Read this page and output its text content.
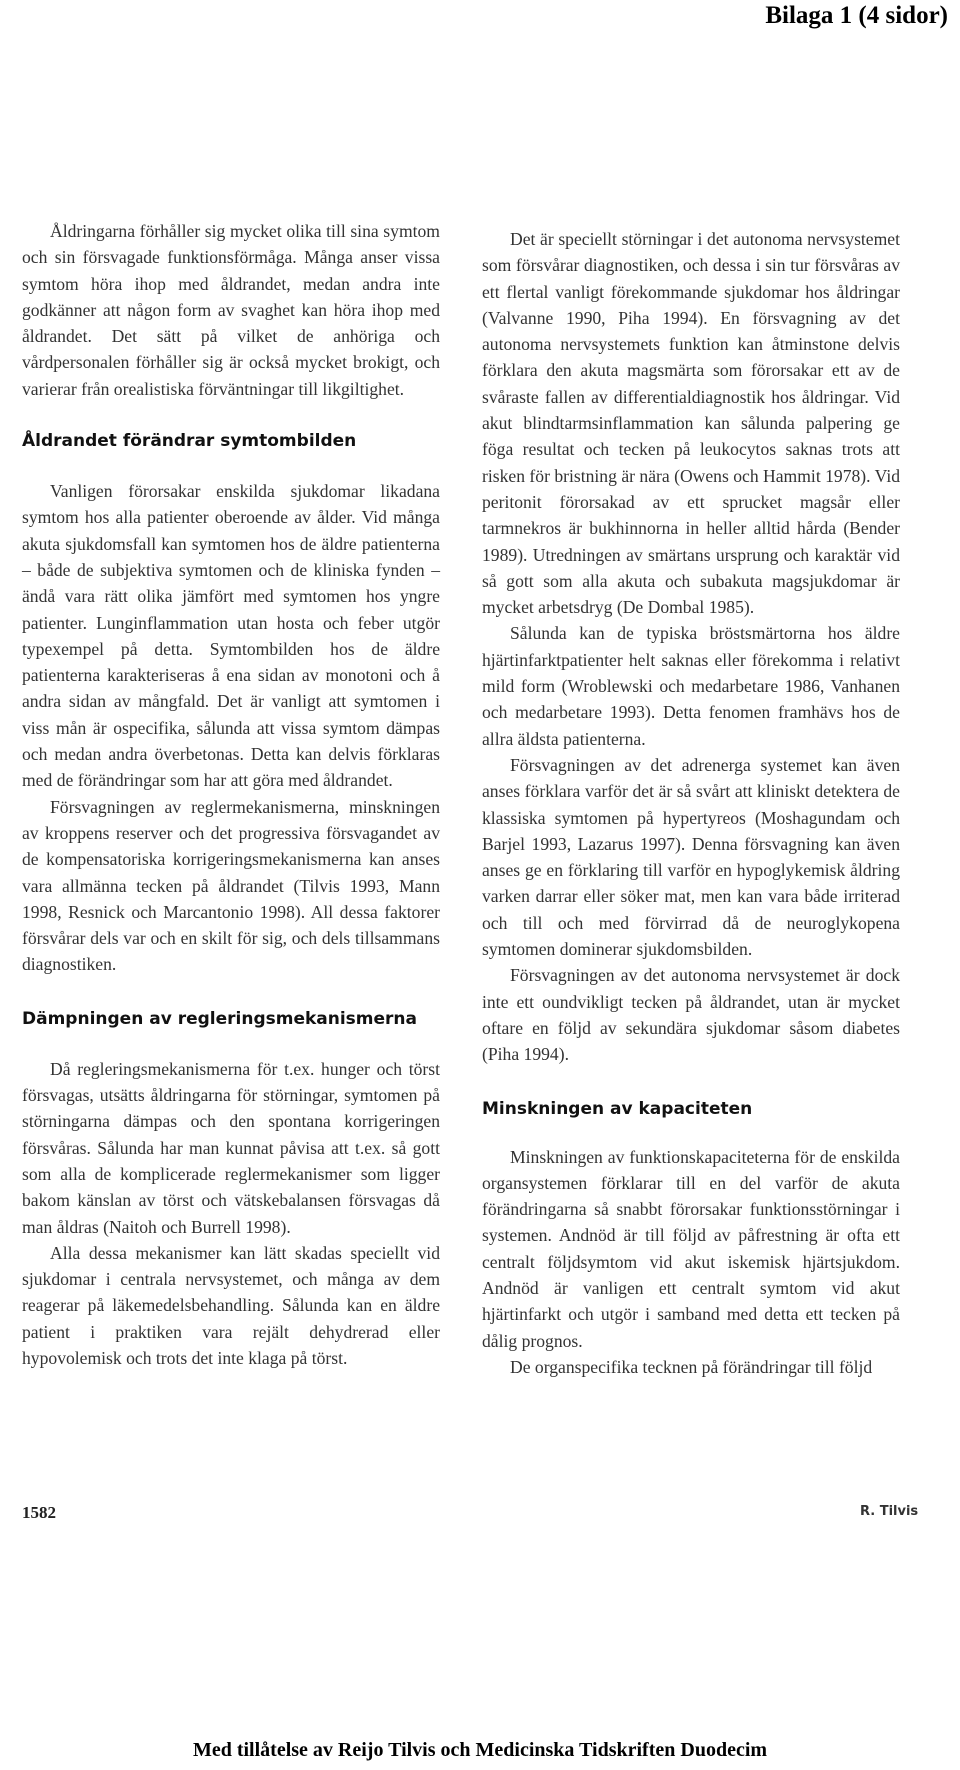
Bilaga 1 (4 sidor)

Åldringarna förhåller sig mycket olika till sina symtom och sin försvagade funktionsförmåga. Många anser vissa symtom höra ihop med åldrandet, medan andra inte godkänner att någon form av svaghet kan höra ihop med åldrandet. Det sätt på vilket de anhöriga och vårdpersonalen förhåller sig är också mycket brokigt, och varierar från orealistiska förväntningar till likgiltighet.

Åldrandet förändrar symtombilden

Vanligen förorsakar enskilda sjukdomar likadana symtom hos alla patienter oberoende av ålder. Vid många akuta sjukdomsfall kan symtomen hos de äldre patienterna – både de subjektiva symtomen och de kliniska fynden – ändå vara rätt olika jämfört med symtomen hos yngre patienter. Lunginflammation utan hosta och feber utgör typexempel på detta. Symtombilden hos de äldre patienterna karakteriseras å ena sidan av monotoni och å andra sidan av mångfald. Det är vanligt att symtomen i viss mån är ospecifika, sålunda att vissa symtom dämpas och medan andra överbetonas. Detta kan delvis förklaras med de förändringar som har att göra med åldrandet.

Försvagningen av reglermekanismerna, minskningen av kroppens reserver och det progressiva försvagandet av de kompensatoriska korrigeringsmekanismerna kan anses vara allmänna tecken på åldrandet (Tilvis 1993, Mann 1998, Resnick och Marcantonio 1998). All dessa faktorer försvårar dels var och en skilt för sig, och dels tillsammans diagnostiken.

Dämpningen av regleringsmekanismerna

Då regleringsmekanismerna för t.ex. hunger och törst försvagas, utsätts åldringarna för störningar, symtomen på störningarna dämpas och den spontana korrigeringen försvåras. Sålunda har man kunnat påvisa att t.ex. så gott som alla de komplicerade reglermekanismer som ligger bakom känslan av törst och vätskebalansen försvagas då man åldras (Naitoh och Burrell 1998).

Alla dessa mekanismer kan lätt skadas speciellt vid sjukdomar i centrala nervsystemet, och många av dem reagerar på läkemedelsbehandling. Sålunda kan en äldre patient i praktiken vara rejält dehydrerad eller hypovolemisk och trots det inte klaga på törst.

Det är speciellt störningar i det autonoma nervsystemet som försvårar diagnostiken, och dessa i sin tur försvåras av ett flertal vanligt förekommande sjukdomar hos åldringar (Valvanne 1990, Piha 1994). En försvagning av det autonoma nervsystemets funktion kan åtminstone delvis förklara den akuta magsmärta som förorsakar ett av de svåraste fallen av differentialdiagnostik hos åldringar. Vid akut blindtarmsinflammation kan sålunda palpering ge föga resultat och tecken på leukocytos saknas trots att risken för bristning är nära (Owens och Hammit 1978). Vid peritonit förorsakad av ett sprucket magsår eller tarmnekros är bukhinnorna in heller alltid hårda (Bender 1989). Utredningen av smärtans ursprung och karaktär vid så gott som alla akuta och subakuta magsjukdomar är mycket arbetsdryg (De Dombal 1985).

Sålunda kan de typiska bröstsmärtorna hos äldre hjärtinfarktpatienter helt saknas eller förekomma i relativt mild form (Wroblewski och medarbetare 1986, Vanhanen och medarbetare 1993). Detta fenomen framhävs hos de allra äldsta patienterna.

Försvagningen av det adrenerga systemet kan även anses förklara varför det är så svårt att kliniskt detektera de klassiska symtomen på hypertyreos (Moshagundam och Barjel 1993, Lazarus 1997). Denna försvagning kan även anses ge en förklaring till varför en hypoglykemisk åldring varken darrar eller söker mat, men kan vara både irriterad och till och med förvirrad då de neuroglykopena symtomen dominerar sjukdomsbilden.

Försvagningen av det autonoma nervsystemet är dock inte ett oundvikligt tecken på åldrandet, utan är mycket oftare en följd av sekundära sjukdomar såsom diabetes (Piha 1994).

Minskningen av kapaciteten

Minskningen av funktionskapaciteterna för de enskilda organsystemen förklarar till en del varför de akuta förändringarna så snabbt förorsakar funktionsstörningar i systemen. Andnöd är till följd av påfrestning är ofta ett centralt följdsymtom vid akut iskemisk hjärtsjukdom. Andnöd är vanligen ett centralt symtom vid akut hjärtinfarkt och utgör i samband med detta ett tecken på dålig prognos.

De organspecifika tecknen på förändringar till följd

1582	R. Tilvis
Med tillåtelse av Reijo Tilvis och Medicinska Tidskriften Duodecim
